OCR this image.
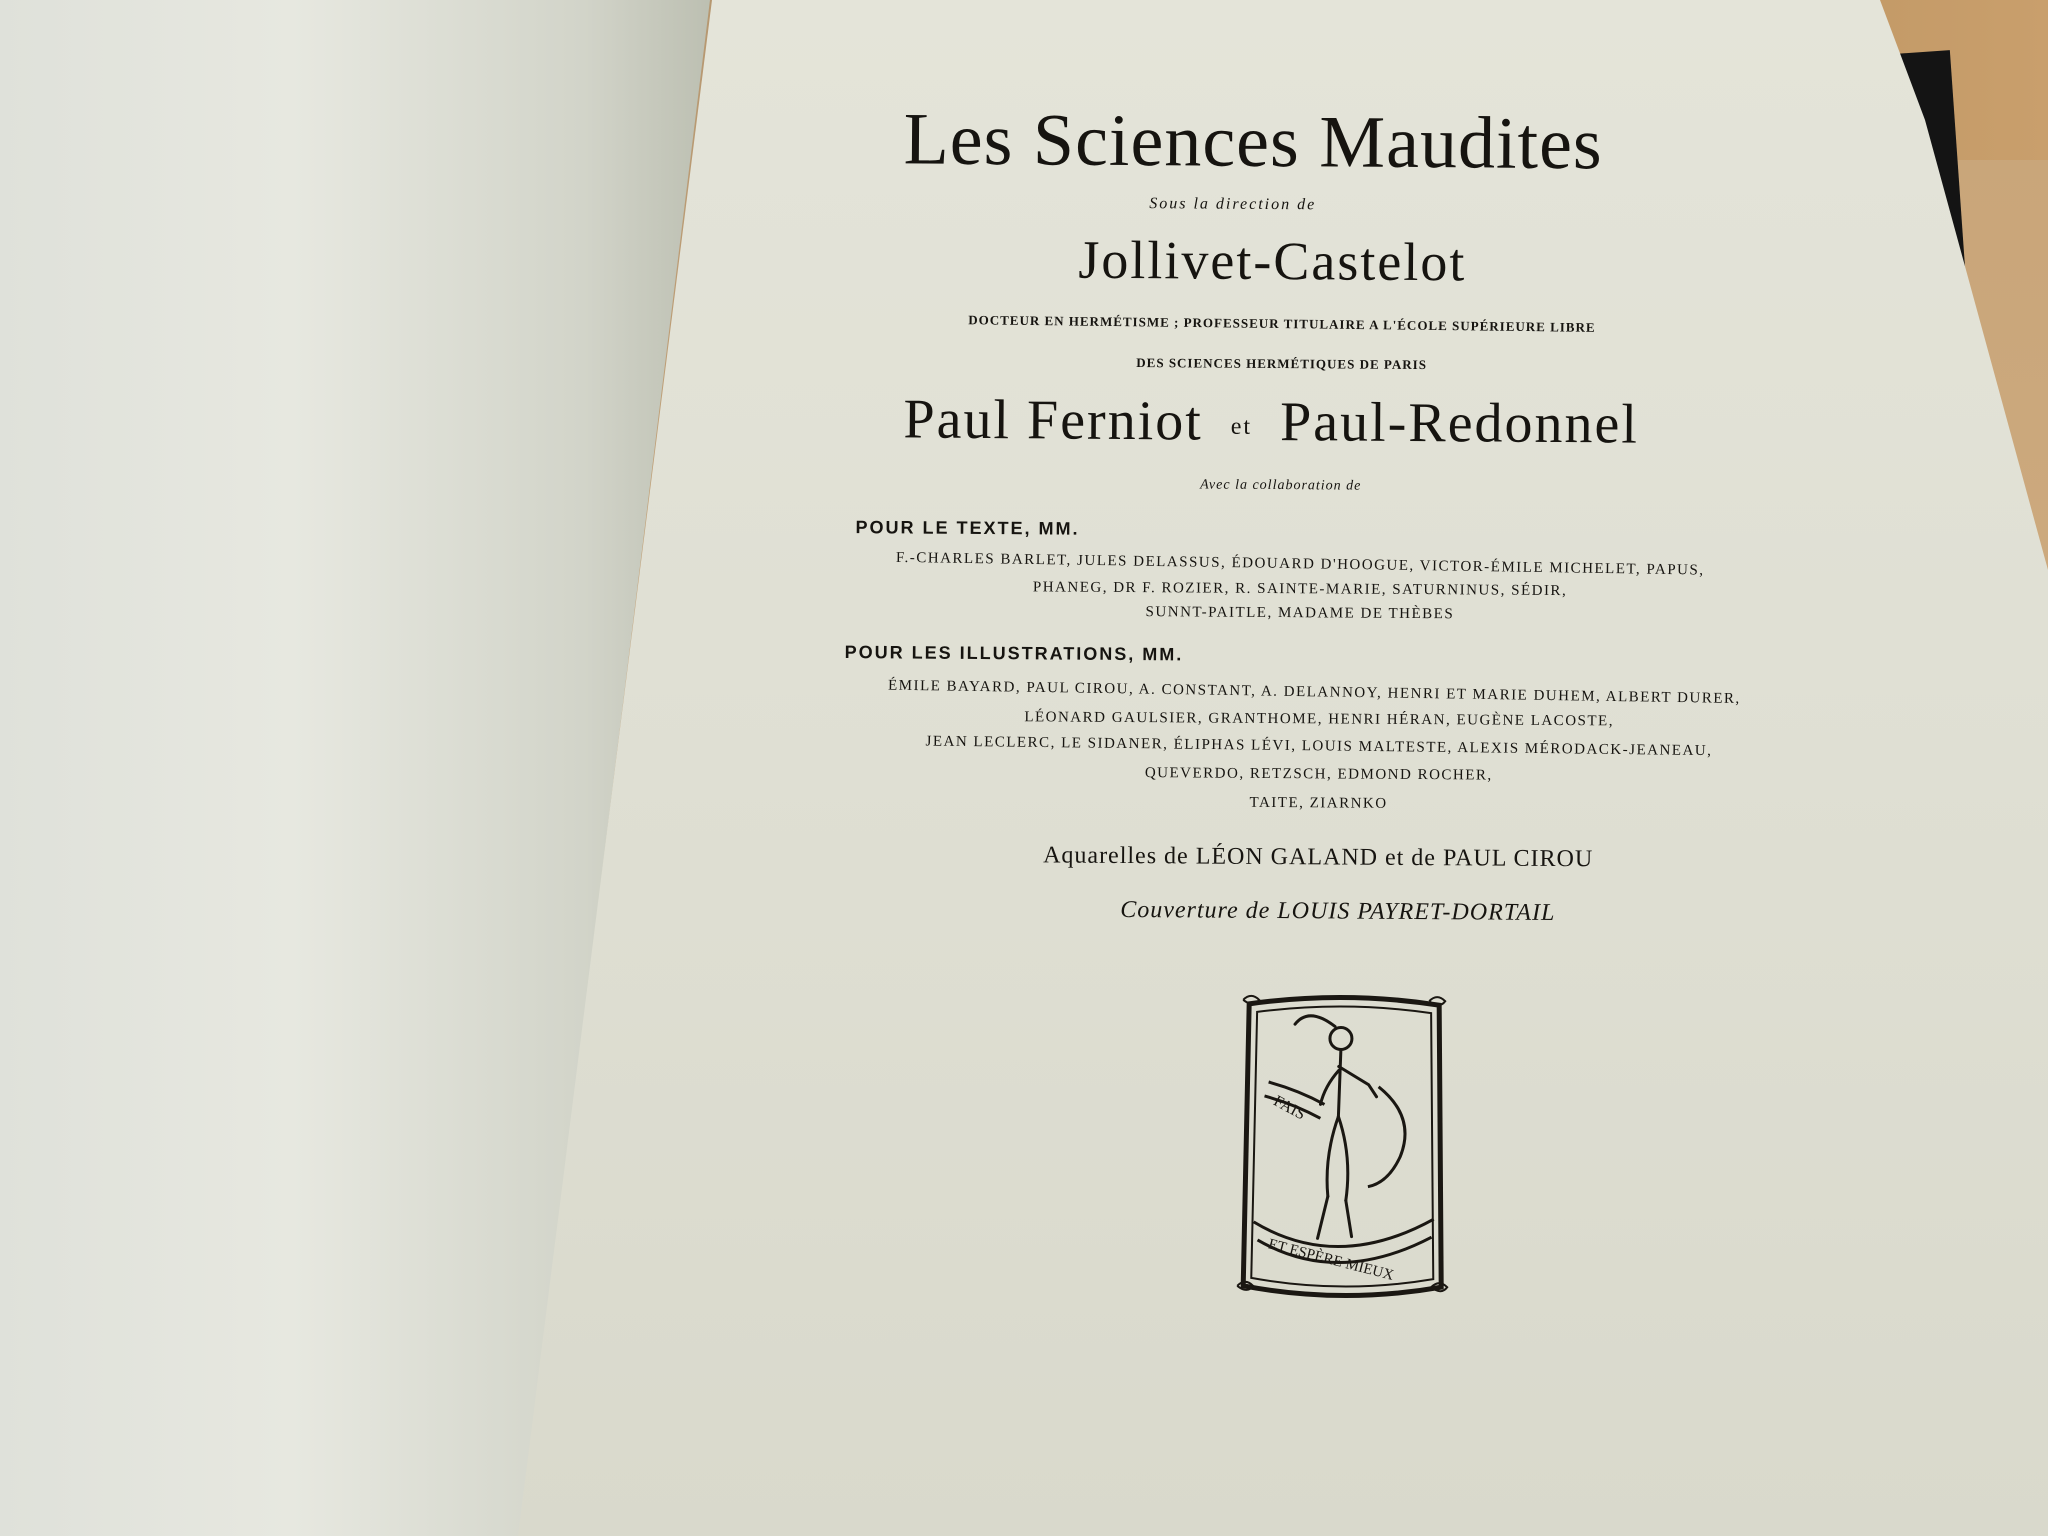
Les Sciences Maudites
Sous la direction de
Jollivet-Castelot
DOCTEUR EN HERMÉTISME ; PROFESSEUR TITULAIRE A L'ÉCOLE SUPÉRIEURE LIBRE
DES SCIENCES HERMÉTIQUES DE PARIS
Paul Ferniot et Paul-Redonnel
Avec la collaboration de
POUR LE TEXTE, MM.
F.-CHARLES BARLET, JULES DELASSUS, ÉDOUARD D'HOOGUE, VICTOR-ÉMILE MICHELET, PAPUS,
PHANEG, DR F. ROZIER, R. SAINTE-MARIE, SATURNINUS, SÉDIR,
SUNNT-PAITLE, MADAME DE THÈBES
POUR LES ILLUSTRATIONS, MM.
ÉMILE BAYARD, PAUL CIROU, A. CONSTANT, A. DELANNOY, HENRI ET MARIE DUHEM, ALBERT DURER,
LÉONARD GAULSIER, GRANTHOME, HENRI HÉRAN, EUGÈNE LACOSTE,
JEAN LECLERC, LE SIDANER, ÉLIPHAS LÉVI, LOUIS MALTESTE, ALEXIS MÉRODACK-JEANEAU,
QUEVERDO, RETZSCH, EDMOND ROCHER,
TAITE, ZIARNKO
Aquarelles de LÉON GALAND et de PAUL CIROU
Couverture de LOUIS PAYRET-DORTAIL
FAIS
ET ESPÈRE MIEUX
